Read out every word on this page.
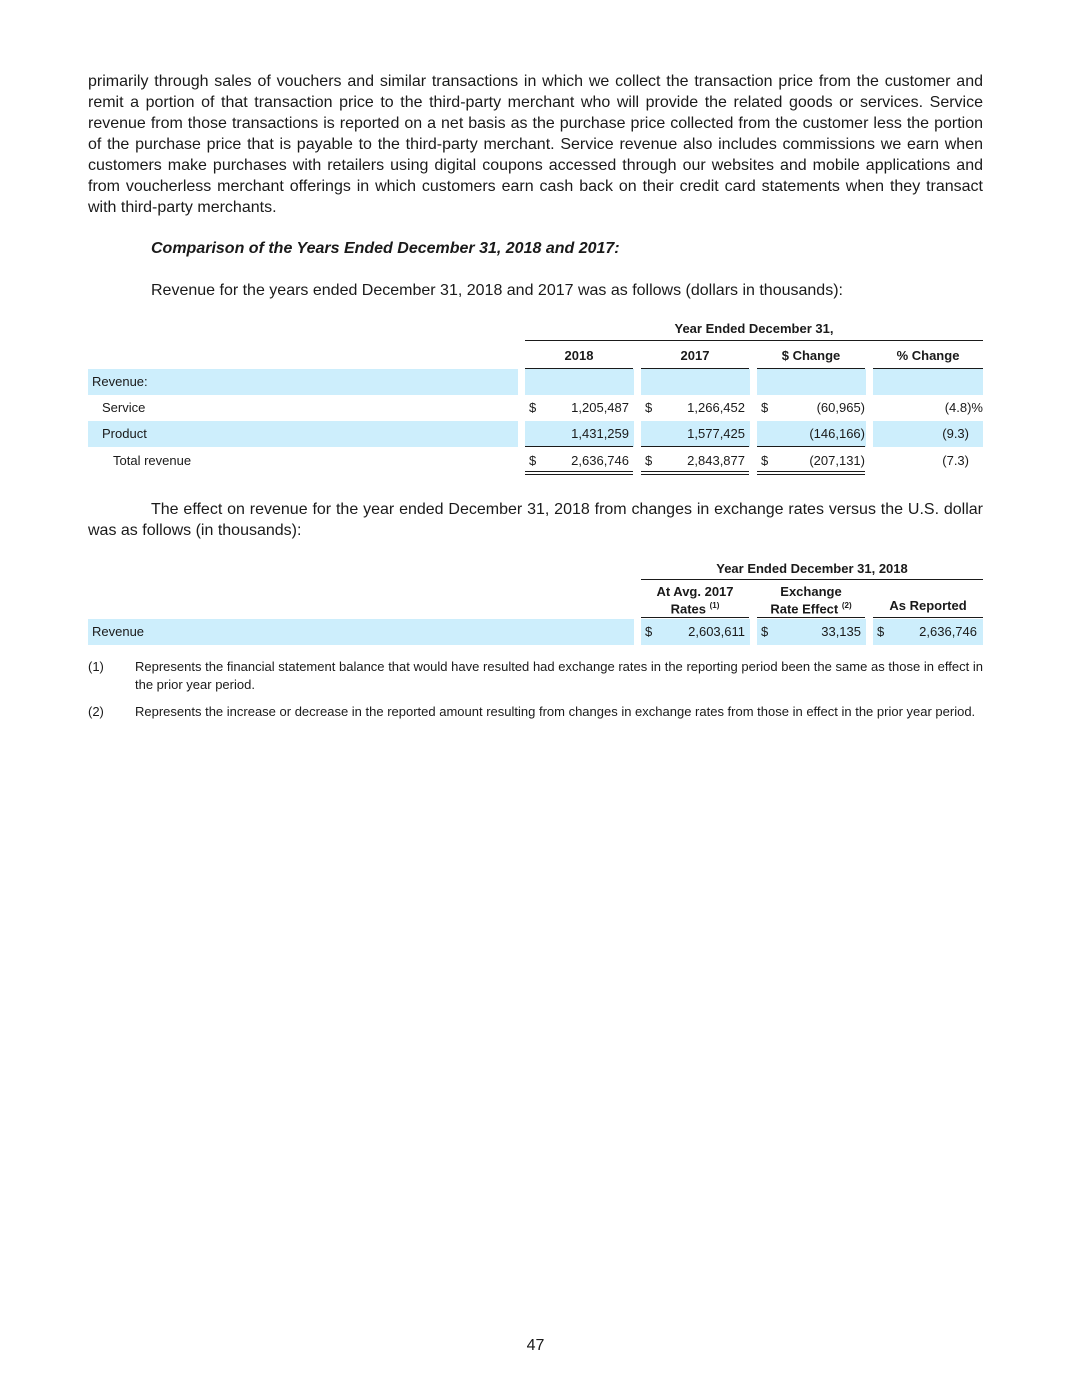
primarily through sales of vouchers and similar transactions in which we collect the transaction price from the customer and remit a portion of that transaction price to the third-party merchant who will provide the related goods or services. Service revenue from those transactions is reported on a net basis as the purchase price collected from the customer less the portion of the purchase price that is payable to the third-party merchant. Service revenue also includes commissions we earn when customers make purchases with retailers using digital coupons accessed through our websites and mobile applications and from voucherless merchant offerings in which customers earn cash back on their credit card statements when they transact with third-party merchants.

Comparison of the Years Ended December 31, 2018 and 2017:

Revenue for the years ended December 31, 2018 and 2017 was as follows (dollars in thousands):

Year Ended December 31,
2018	2017	$ Change	% Change
Revenue:
Service	$	1,205,487 $	1,266,452 $	(60,965)	(4.8)%
Product	1,431,259	1,577,425	(146,166)	(9.3)
Total revenue	$	2,636,746 $	2,843,877 $	(207,131)	(7.3)

The effect on revenue for the year ended December 31, 2018 from changes in exchange rates versus the U.S. dollar was as follows (in thousands):

Year Ended December 31, 2018
At Avg. 2017
Rates $^{(1)}$
Exchange
Rate Effect $^{(2)}$	As Reported
Revenue	$	2,603,611 $	33,135 $	2,636,746
(1) Represents the financial statement balance that would have resulted had exchange rates in the reporting period been the same as those in effect in the prior year period.
(2) Represents the increase or decrease in the reported amount resulting from changes in exchange rates from those in effect in the prior year period.
47
